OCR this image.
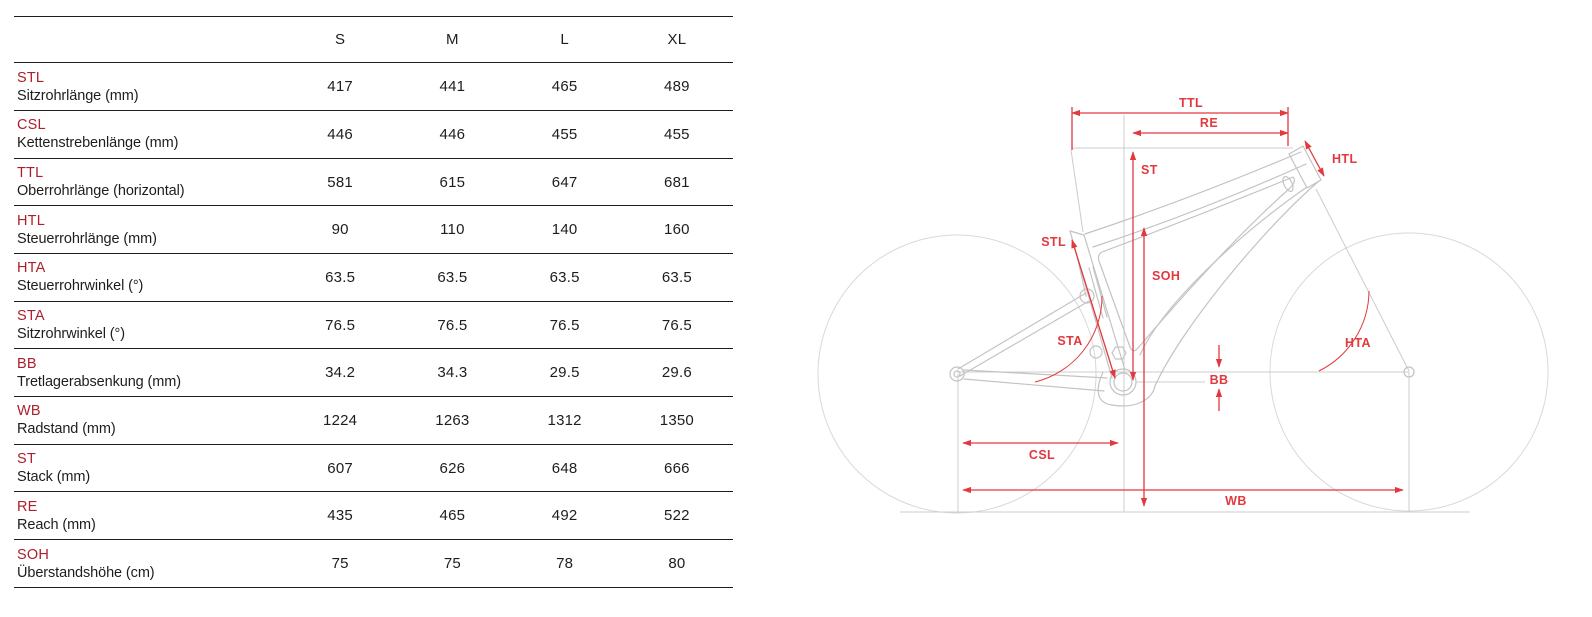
S	M	L	XL
STL
Sitzrohrlänge (mm)
417	441	465	489
CSL
Kettenstrebenlänge (mm)
446	446	455	455
TTL
Oberrohrlänge (horizontal)
581	615	647	681
HTL
Steuerrohrlänge (mm)
90	110	140	160
HTA
Steuerrohrwinkel (°)
63.5	63.5	63.5	63.5
STA
Sitzrohrwinkel (°)
76.5	76.5	76.5	76.5
BB
Tretlagerabsenkung (mm)
34.2	34.3	29.5	29.6
WB
Radstand (mm)
1224	1263	1312	1350
ST
Stack (mm)
607	626	648	666
RE
Reach (mm)
435	465	492	522
SOH
Überstandshöhe (cm)
75	75	78	80
TTL
RE
HTL
ST
STL
SOH
STA	HTA
BB
CSL
WB
